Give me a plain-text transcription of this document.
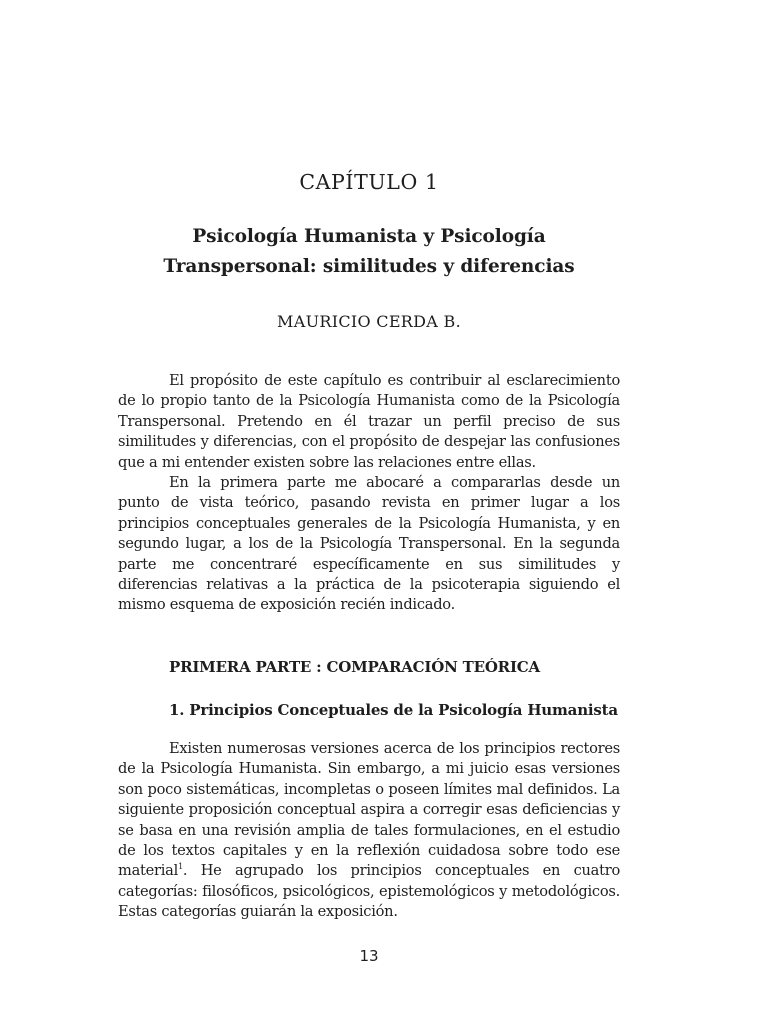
CAPÍTULO 1
Psicología Humanista y Psicología
Transpersonal: similitudes y diferencias
MAURICIO CERDA B.

El propósito de este capítulo es contribuir al esclarecimiento de lo propio tanto de la Psicología Humanista como de la Psicología Transpersonal. Pretendo en él trazar un perfil preciso de sus similitudes y diferencias, con el propósito de despejar las confusiones que a mi entender existen sobre las relaciones entre ellas.

En la primera parte me abocaré a compararlas desde un punto de vista teórico, pasando revista en primer lugar a los principios conceptuales generales de la Psicología Humanista, y en segundo lugar, a los de la Psicología Transpersonal. En la segunda parte me concentraré específicamente en sus similitudes y diferencias relativas a la práctica de la psicoterapia siguiendo el mismo esquema de exposición recién indicado.

PRIMERA PARTE : COMPARACIÓN TEÓRICA
1. Principios Conceptuales de la Psicología Humanista

Existen numerosas versiones acerca de los principios rectores de la Psicología Humanista. Sin embargo, a mi juicio esas versiones son poco sistemáticas, incompletas o poseen límites mal definidos. La siguiente proposición conceptual aspira a corregir esas deficiencias y se basa en una revisión amplia de tales formulaciones, en el estudio de los textos capitales y en la reflexión cuidadosa sobre todo ese material$^1$. He agrupado los principios conceptuales en cuatro categorías: filosóficos, psicológicos, epistemológicos y metodológicos. Estas categorías guiarán la exposición.

13
